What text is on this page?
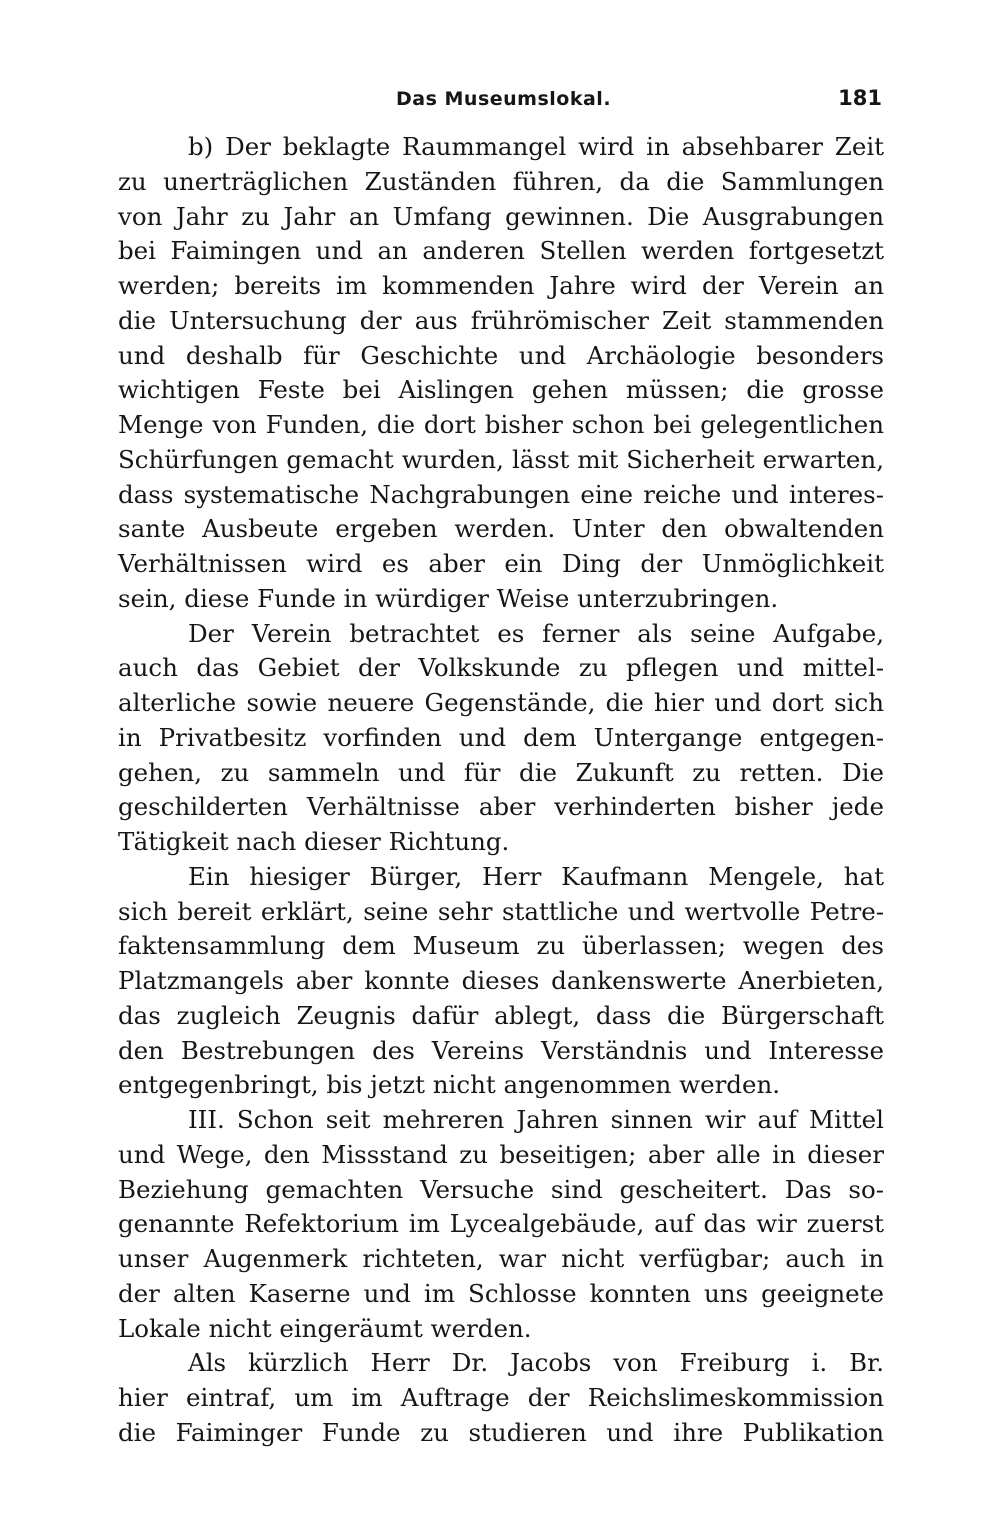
Das Museumslokal.	181
b) Der beklagte Raummangel wird in absehbarer Zeit
zu unerträglichen Zuständen führen, da die Sammlungen
von Jahr zu Jahr an Umfang gewinnen. Die Ausgrabungen
bei Faimingen und an anderen Stellen werden fortgesetzt
werden; bereits im kommenden Jahre wird der Verein an
die Untersuchung der aus frührömischer Zeit stammenden
und deshalb für Geschichte und Archäologie besonders
wichtigen Feste bei Aislingen gehen müssen; die grosse
Menge von Funden, die dort bisher schon bei gelegentlichen
Schürfungen gemacht wurden, lässt mit Sicherheit erwarten,
dass systematische Nachgrabungen eine reiche und interes-
sante Ausbeute ergeben werden. Unter den obwaltenden
Verhältnissen wird es aber ein Ding der Unmöglichkeit
sein, diese Funde in würdiger Weise unterzubringen.
Der Verein betrachtet es ferner als seine Aufgabe,
auch das Gebiet der Volkskunde zu pflegen und mittel-
alterliche sowie neuere Gegenstände, die hier und dort sich
in Privatbesitz vorfinden und dem Untergange entgegen-
gehen, zu sammeln und für die Zukunft zu retten. Die
geschilderten Verhältnisse aber verhinderten bisher jede
Tätigkeit nach dieser Richtung.
Ein hiesiger Bürger, Herr Kaufmann Mengele, hat
sich bereit erklärt, seine sehr stattliche und wertvolle Petre-
faktensammlung dem Museum zu überlassen; wegen des
Platzmangels aber konnte dieses dankenswerte Anerbieten,
das zugleich Zeugnis dafür ablegt, dass die Bürgerschaft
den Bestrebungen des Vereins Verständnis und Interesse
entgegenbringt, bis jetzt nicht angenommen werden.
III. Schon seit mehreren Jahren sinnen wir auf Mittel
und Wege, den Missstand zu beseitigen; aber alle in dieser
Beziehung gemachten Versuche sind gescheitert. Das so-
genannte Refektorium im Lycealgebäude, auf das wir zuerst
unser Augenmerk richteten, war nicht verfügbar; auch in
der alten Kaserne und im Schlosse konnten uns geeignete
Lokale nicht eingeräumt werden.
Als kürzlich Herr Dr. Jacobs von Freiburg i. Br.
hier eintraf, um im Auftrage der Reichslimeskommission
die Faiminger Funde zu studieren und ihre Publikation
